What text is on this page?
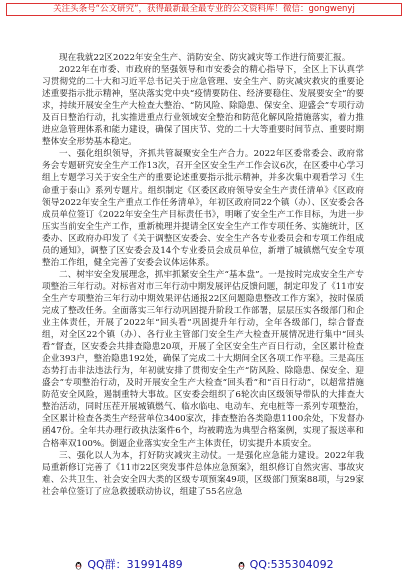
关注头条号“公文研究”，获得最新最全最专业的公文资料库！微信：gongwenyj

现在我就22区2022年安全生产、消防安全、防灾减灾等工作进行简要汇报。

2022年在市委、市政府的坚强领导和市安委会的精心指导下，全区上下认真学习贯彻党的二十大和习近平总书记关于应急管理、安全生产、防灾减灾救灾的重要论述重要指示批示精神，坚决落实党中央“疫情要防住、经济要稳住、发展要安全”的要求，持续开展安全生产大检查大整治、“防风险、除隐患、保安全、迎盛会”专项行动及百日整治行动，扎实推进重点行业领域安全整治和防范化解风险措施落实，着力推进应急管理体系和能力建设，确保了国庆节、党的二十大等重要时间节点、重要时期整体安全形势基本稳定。

一、强化组织领导，齐抓共管凝聚安全生产合力。2022年区委常委会、政府常务会专题研究安全生产工作13次，召开全区安全生产工作会议6次，在区委中心学习组上专题学习关于安全生产的重要论述重要指示批示精神，并多次集中观看学习《生命重于泰山》系列专题片。组织制定《区委区政府领导安全生产责任清单》《区政府领导2022年安全生产重点工作任务清单》，年初区政府同22个镇（办）、区安委会各成员单位签订《2022年安全生产目标责任书》，明晰了安全生产工作目标，为进一步压实当前安全生产工作，重新梳理并提请全区安全生产工作专项任务、实施统计，区委办、区政府办印发了《关于调整区安委会、安全生产各专业委员会和专项工作组成员的通知》，调整了区安委会及14个专业委员会成员单位，新增了城镇燃气安全专项整治工作组，健全完善了安委会议体运体系。

二、树牢安全发展理念，抓牢抓紧安全生产“基本盘”。一是按时完成安全生产专项整治三年行动。对标省对市三年行动中期发展评估反馈问题，制定印发了《11市安全生产专项整治三年行动中期效果评估通报22区问题隐患整改工作方案》，按时保质完成了整改任务。全面落实三年行动巩固提升阶段工作部署，层层压实各级部门和企业主体责任，开展了2022年“回头看”巩固提升年行动，全年各级部门，综合督查组，对全区22个镇（办）、各行业主管部门安全生产大检查开展情况进行集中“回头看”督查，区安委会共排查隐患20项，开展了全区安全生产百日行动，全区累计检查企业393户，整治隐患192处，确保了完成二十大期间全区各项工作平稳。三是高压态势打击非法违法行为，年初就安排了贯彻安全生产“防风险、除隐患、保安全、迎盛会”专项整治行动，及时开展安全生产大检查“回头看”和“百日行动”，以超常措施防范安全风险，遏制重特大事故。区安委会组织了6轮次由区级领导带队的大排查大整治活动，同时压茬开展城镇燃气、临水临电、电动车、充电桩等一系列专项整治，全区累计检查各类生产经营单位3400家次，排查整治各类隐患1100余处，下发督办函47份。全年共办理行政执法案件6个，均被聘选为典型合格案例，实现了报送率和合格率双100%。倒逼企业落实安全生产主体责任，切实提升本质安全。

三、强化以人为本，打好防灾减灾主动仗。一是强化应急能力建设。2022年我局重新修订完善了《11市22区突发事件总体应急预案》，组织修订自然灾害、事故灾难、公共卫生、社会安全四大类的区级专项预案49项，区级部门预案88项，与29家社会单位签订了应急救援联动协议，组建了55名应急

QQ群：31991489	QQ:535304092
